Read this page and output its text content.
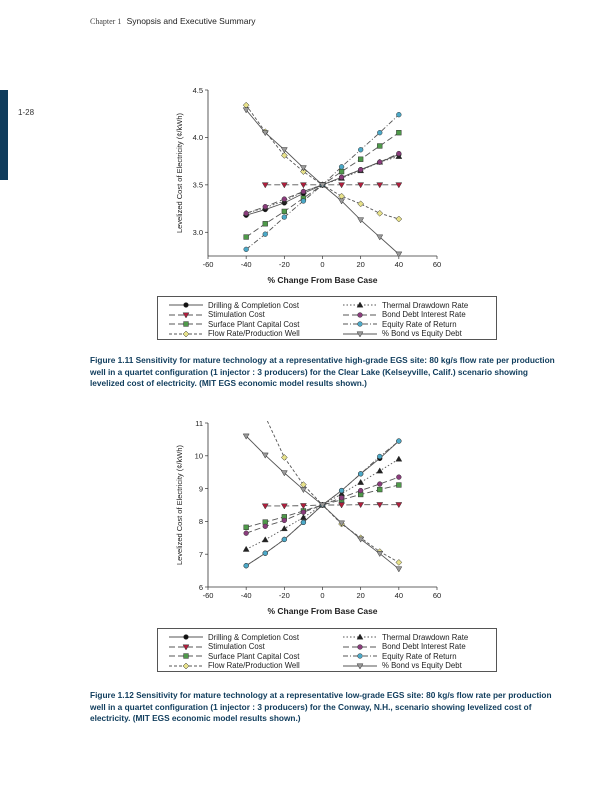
Chapter 1 Synopsis and Executive Summary
1-28
3.0
3.5
4.0
4.5
-60	-40	-20	0	20	40	60
% Change From Base Case
Levelized Cost of Electricity (¢/kWh)
Drilling & Completion Cost
Stimulation Cost
Surface Plant Capital Cost
Flow Rate/Production Well
Thermal Drawdown Rate
Bond Debt Interest Rate
Equity Rate of Return
% Bond vs Equity Debt
Figure 1.11 Sensitivity for mature technology at a representative high-grade EGS site: 80 kg/s flow rate per production well in a quartet configuration (1 injector : 3 producers) for the Clear Lake (Kelseyville, Calif.) scenario showing levelized cost of electricity. (MIT EGS economic model results shown.)
6
7
8
9
10
11
-60	-40	-20	0	20	40	60
% Change From Base Case
Levelized Cost of Electricity (¢/kWh)
Drilling & Completion Cost
Stimulation Cost
Surface Plant Capital Cost
Flow Rate/Production Well
Thermal Drawdown Rate
Bond Debt Interest Rate
Equity Rate of Return
% Bond vs Equity Debt
Figure 1.12 Sensitivity for mature technology at a representative low-grade EGS site: 80 kg/s flow rate per production well in a quartet configuration (1 injector : 3 producers) for the Conway, N.H., scenario showing levelized cost of electricity. (MIT EGS economic model results shown.)
